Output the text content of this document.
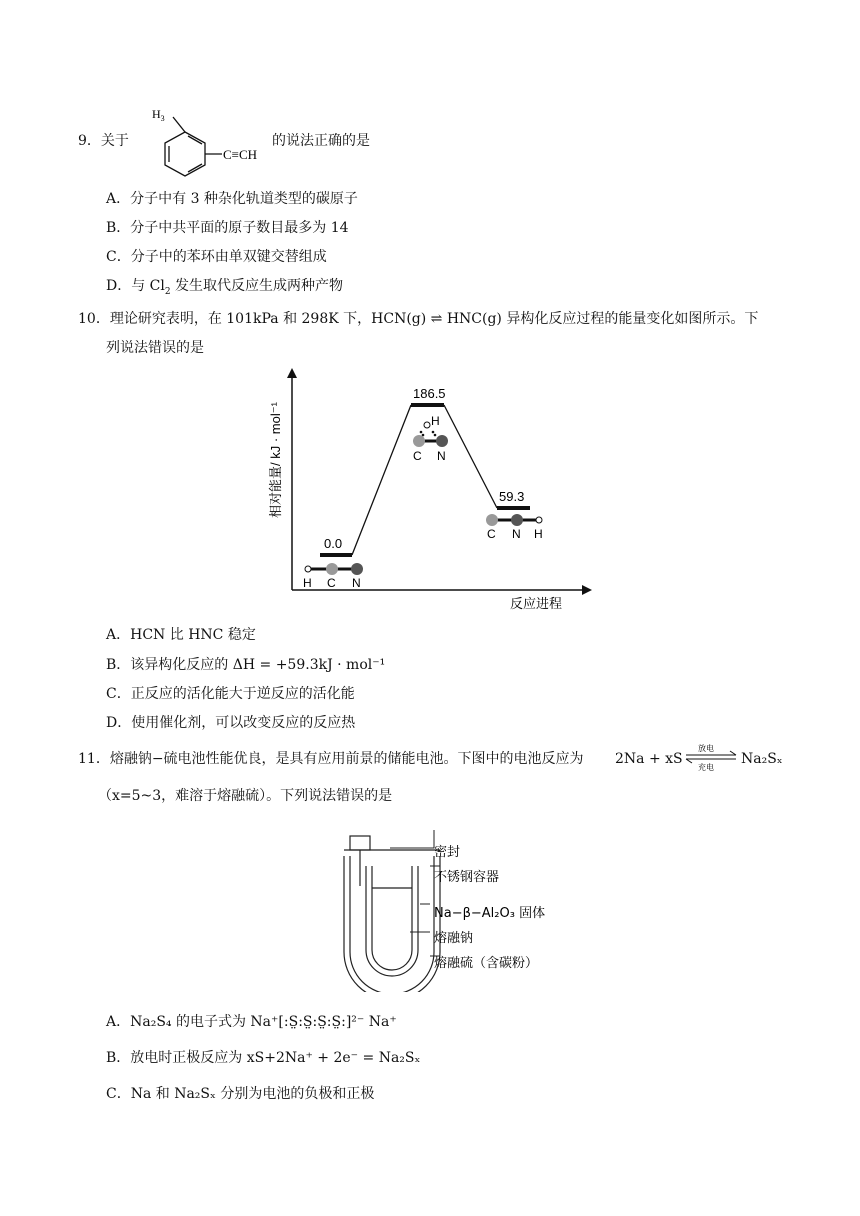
9．关于
$H_3$
C≡CH
的说法正确的是
A．分子中有 3 种杂化轨道类型的碳原子
B．分子中共平面的原子数目最多为 14
C．分子中的苯环由单双键交替组成
D．与 $Cl_2$ 发生取代反应生成两种产物
10．理论研究表明，在 101kPa 和 298K 下，HCN(g) ⇌ HNC(g) 异构化反应过程的能量变化如图所示。下
列说法错误的是
相对能量/ kJ · mol⁻¹
反应进程
0.0
186.5
59.3
H C N
H
C N
C N H
A．HCN 比 HNC 稳定
B．该异构化反应的 ΔH = +59.3kJ · mol⁻¹
C．正反应的活化能大于逆反应的活化能
D．使用催化剂，可以改变反应的反应热
11．熔融钠−硫电池性能优良，是具有应用前景的储能电池。下图中的电池反应为 2Na + xS
放电
充电
Na₂Sₓ
（x=5~3，难溶于熔融硫）。下列说法错误的是
密封
不锈钢容器
Na−β−Al₂O₃ 固体
熔融钠
熔融硫（含碳粉）
A．Na₂S₄ 的电子式为 Na⁺[:S̤:S̤:S̤:S̤:]²⁻ Na⁺
B．放电时正极反应为 xS+2Na⁺ + 2e⁻ = Na₂Sₓ
C．Na 和 Na₂Sₓ 分别为电池的负极和正极
